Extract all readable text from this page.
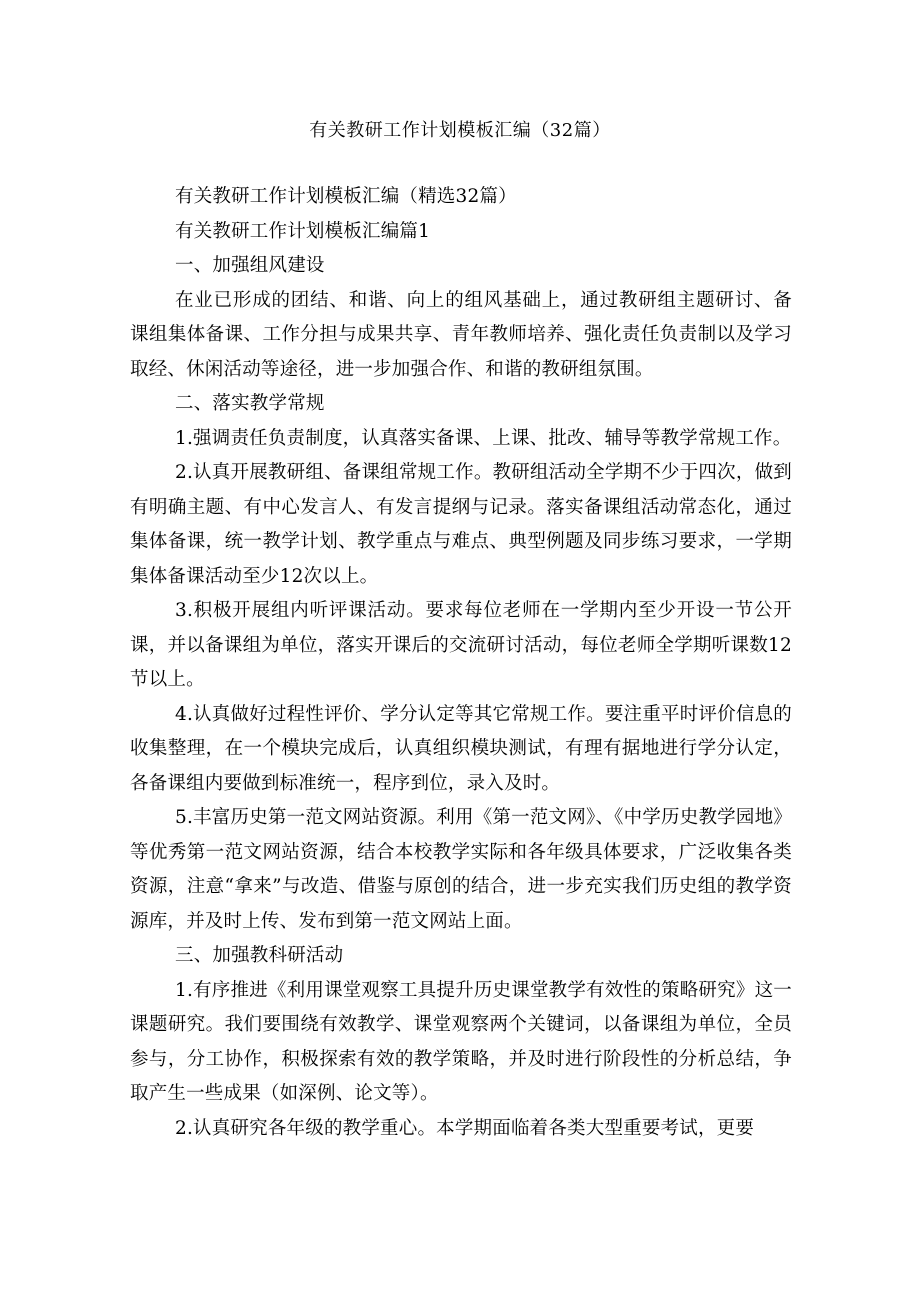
有关教研工作计划模板汇编（32篇）

有关教研工作计划模板汇编（精选32篇）

有关教研工作计划模板汇编篇1

一、加强组风建设

在业已形成的团结、和谐、向上的组风基础上，通过教研组主题研讨、备课组集体备课、工作分担与成果共享、青年教师培养、强化责任负责制以及学习取经、休闲活动等途径，进一步加强合作、和谐的教研组氛围。

二、落实教学常规

1.强调责任负责制度，认真落实备课、上课、批改、辅导等教学常规工作。

2.认真开展教研组、备课组常规工作。教研组活动全学期不少于四次，做到有明确主题、有中心发言人、有发言提纲与记录。落实备课组活动常态化，通过集体备课，统一教学计划、教学重点与难点、典型例题及同步练习要求，一学期集体备课活动至少12次以上。

3.积极开展组内听评课活动。要求每位老师在一学期内至少开设一节公开课，并以备课组为单位，落实开课后的交流研讨活动，每位老师全学期听课数12节以上。

4.认真做好过程性评价、学分认定等其它常规工作。要注重平时评价信息的收集整理，在一个模块完成后，认真组织模块测试，有理有据地进行学分认定，各备课组内要做到标准统一，程序到位，录入及时。

5.丰富历史第一范文网站资源。利用《第一范文网》、《中学历史教学园地》等优秀第一范文网站资源，结合本校教学实际和各年级具体要求，广泛收集各类资源，注意“拿来”与改造、借鉴与原创的结合，进一步充实我们历史组的教学资源库，并及时上传、发布到第一范文网站上面。

三、加强教科研活动

1.有序推进《利用课堂观察工具提升历史课堂教学有效性的策略研究》这一课题研究。我们要围绕有效教学、课堂观察两个关键词，以备课组为单位，全员参与，分工协作，积极探索有效的教学策略，并及时进行阶段性的分析总结，争取产生一些成果（如深例、论文等）。

2.认真研究各年级的教学重心。本学期面临着各类大型重要考试，更要
